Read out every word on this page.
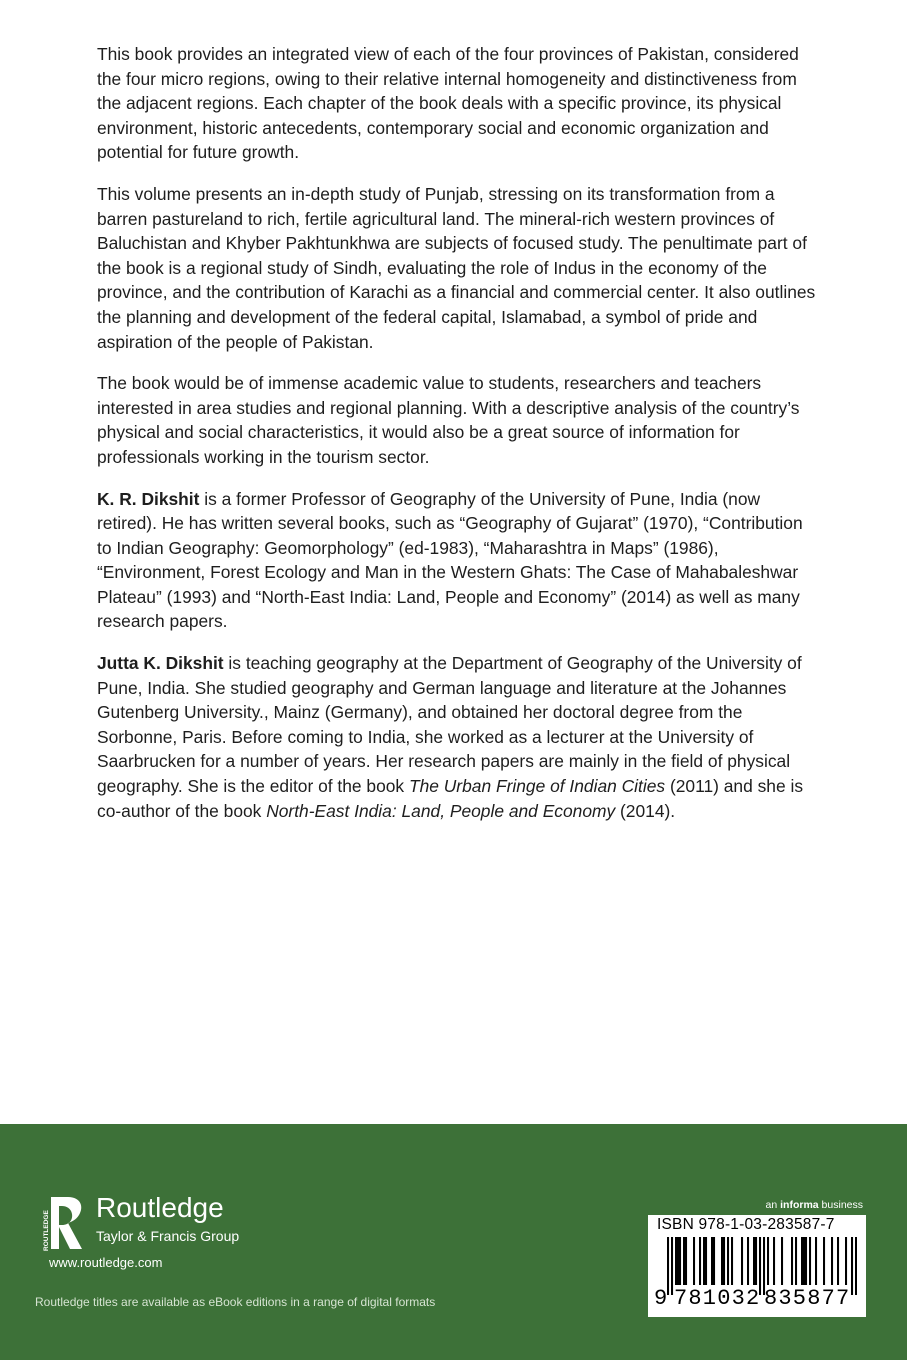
This book provides an integrated view of each of the four provinces of Pakistan, considered the four micro regions, owing to their relative internal homogeneity and distinctiveness from the adjacent regions. Each chapter of the book deals with a specific province, its physical environment, historic antecedents, contemporary social and economic organization and potential for future growth.

This volume presents an in-depth study of Punjab, stressing on its transformation from a barren pastureland to rich, fertile agricultural land. The mineral-rich western provinces of Baluchistan and Khyber Pakhtunkhwa are subjects of focused study. The penultimate part of the book is a regional study of Sindh, evaluating the role of Indus in the economy of the province, and the contribution of Karachi as a financial and commercial center. It also outlines the planning and development of the federal capital, Islamabad, a symbol of pride and aspiration of the people of Pakistan.

The book would be of immense academic value to students, researchers and teachers interested in area studies and regional planning. With a descriptive analysis of the country’s physical and social characteristics, it would also be a great source of information for professionals working in the tourism sector.

K. R. Dikshit is a former Professor of Geography of the University of Pune, India (now retired). He has written several books, such as “Geography of Gujarat” (1970), “Contribution to Indian Geography: Geomorphology” (ed-1983), “Maharashtra in Maps” (1986), “Environment, Forest Ecology and Man in the Western Ghats: The Case of Mahabaleshwar Plateau” (1993) and “North-East India: Land, People and Economy” (2014) as well as many research papers.

Jutta K. Dikshit is teaching geography at the Department of Geography of the University of Pune, India. She studied geography and German language and literature at the Johannes Gutenberg University., Mainz (Germany), and obtained her doctoral degree from the Sorbonne, Paris. Before coming to India, she worked as a lecturer at the University of Saarbrucken for a number of years. Her research papers are mainly in the field of physical geography. She is the editor of the book The Urban Fringe of Indian Cities (2011) and she is co-author of the book North-East India: Land, People and Economy (2014).

ROUTLEDGE
Routledge
Taylor & Francis Group
www.routledge.com
Routledge titles are available as eBook editions in a range of digital formats
an informa business
ISBN 978-1-03-283587-7
9 781032 835877
